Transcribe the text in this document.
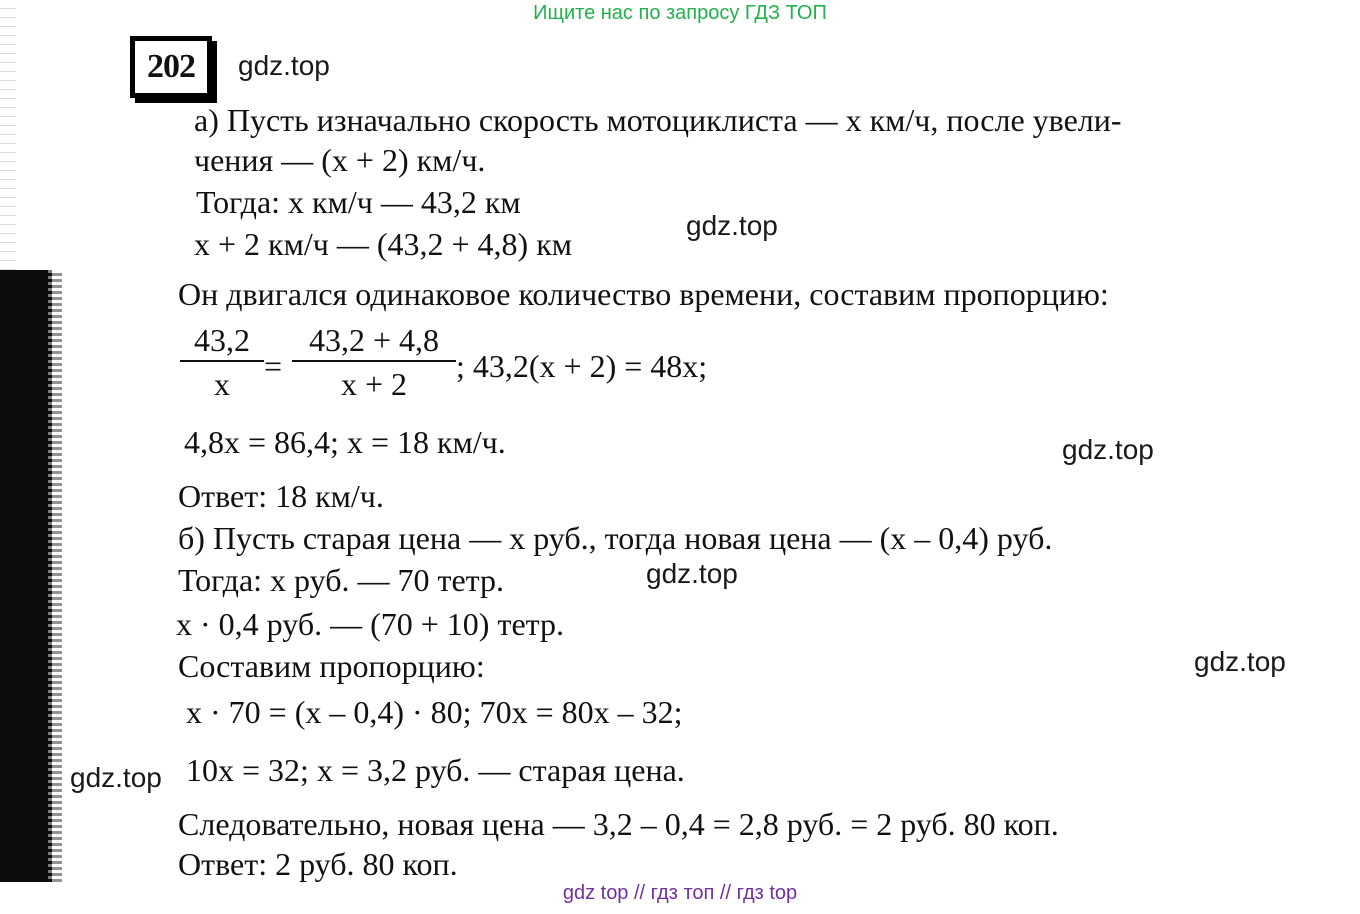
Ищите нас по запросу ГДЗ ТОП
202	gdz.top
gdz.top
gdz.top
gdz.top
gdz.top
gdz.top
а) Пусть изначально скорость мотоциклиста — x км/ч, после увели-
чения — (x + 2) км/ч.
Тогда: x км/ч — 43,2 км
x + 2 км/ч — (43,2 + 4,8) км
Он двигался одинаковое количество времени, составим пропорцию:
$\frac{43,2}{x} = \frac{43,2 + 4,8}{x + 2}$ ; 43,2(x + 2) = 48x;
4,8x = 86,4; x = 18 км/ч.
Ответ: 18 км/ч.
б) Пусть старая цена — x руб., тогда новая цена — (x – 0,4) руб.
Тогда: x руб. — 70 тетр.
x · 0,4 руб. — (70 + 10) тетр.
Составим пропорцию:
x · 70 = (x – 0,4) · 80; 70x = 80x – 32;
10x = 32; x = 3,2 руб. — старая цена.
Следовательно, новая цена — 3,2 – 0,4 = 2,8 руб. = 2 руб. 80 коп.
Ответ: 2 руб. 80 коп.
gdz top // гдз топ // гдз top
